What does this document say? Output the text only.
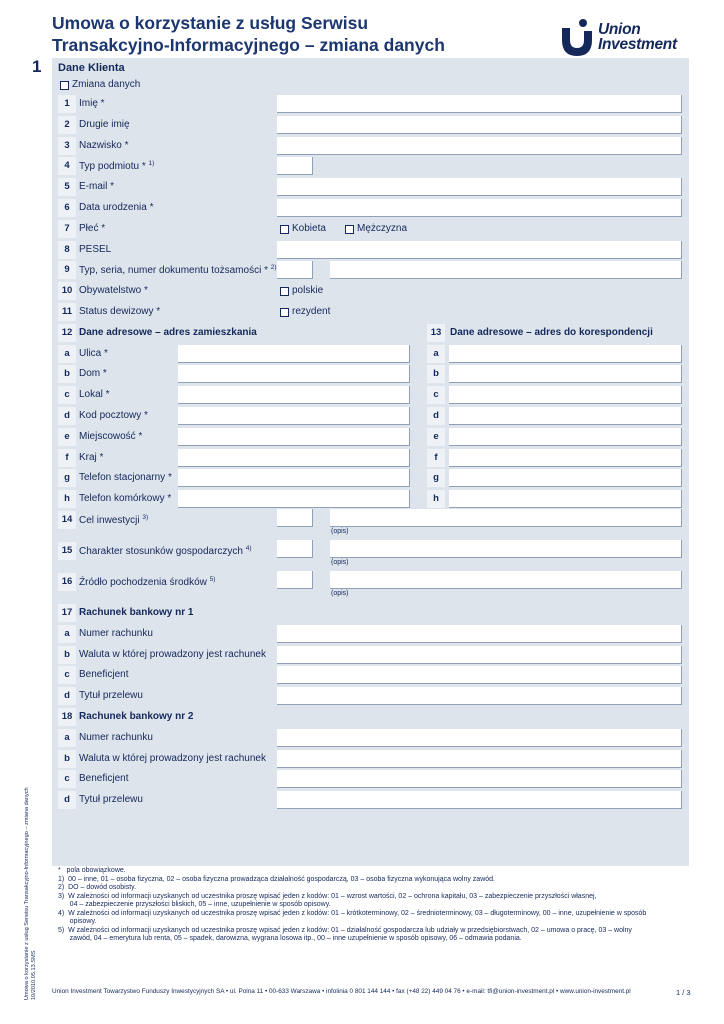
Umowa o korzystanie z usług Serwisu
Transakcyjno-Informacyjnego – zmiana danych
Union
Investment
1 Dane Klienta
Zmiana danych
1 Imię *
2 Drugie imię
3 Nazwisko *
4 Typ podmiotu * $^{1)}$
5 E-mail *
6 Data urodzenia *
7 Płeć *	Kobieta	Mężczyzna
8 PESEL
9 Typ, seria, numer dokumentu tożsamości * $^{2)}$
10 Obywatelstwo *	polskie
11 Status dewizowy *	rezydent
12 Dane adresowe – adres zamieszkania	13 Dane adresowe – adres do korespondencji
a Ulica *	a
b Dom *	b
c Lokal *	c
d Kod pocztowy *	d
e Miejscowość *	e
f	Kraj *	f
g Telefon stacjonarny *	g
h Telefon komórkowy *	h
14 Cel inwestycji $^{3)}$
(opis)
15 Charakter stosunków gospodarczych $^{4)}$
(opis)
16 Źródło pochodzenia środków $^{5)}$
(opis)
17 Rachunek bankowy nr 1
a Numer rachunku
b Waluta w której prowadzony jest rachunek
c Beneficjent
d Tytuł przelewu
18 Rachunek bankowy nr 2
a Numer rachunku
b Waluta w której prowadzony jest rachunek
c Beneficjent
d Tytuł przelewu
*   pola obowiązkowe.
1)  00 – inne, 01 – osoba fizyczna, 02 – osoba fizyczna prowadząca działalność gospodarczą, 03 – osoba fizyczna wykonująca wolny zawód.
2)  DO – dowód osobisty.
3)  W zależności od informacji uzyskanych od uczestnika proszę wpisać jeden z kodów: 01 – wzrost wartości, 02 – ochrona kapitału, 03 – zabezpieczenie przyszłości własnej,
04 – zabezpieczenie przyszłości bliskich, 05 – inne, uzupełnienie w sposób opisowy.
4)  W zależności od informacji uzyskanych od uczestnika proszę wpisać jeden z kodów: 01 – krótkoterminowy, 02 – średnioterminowy, 03 – długoterminowy, 00 – inne, uzupełnienie w sposób
opisowy.
5)  W zależności od informacji uzyskanych od uczestnika proszę wpisać jeden z kodów: 01 – działalność gospodarcza lub udziały w przedsiębiorstwach, 02 – umowa o pracę, 03 – wolny
zawód, 04 – emerytura lub renta, 05 – spadek, darowizna, wygrana losowa itp., 00 – inne uzupełnienie w sposób opisowy, 06 – odmawia podania.
Union Investment Towarzystwo Funduszy Inwestycyjnych SA • ul. Polna 11 • 00-633 Warszawa • infolinia 0 801 144 144 • fax (+48 22) 449 04 76 • e-mail: tfi@union-investment.pl • www.union-investment.pl	1 / 3
Umowa o korzystanie z usług Serwisu Transakcyjno-Informacyjnego – zmiana danych 10/2010.05.13.SMS
